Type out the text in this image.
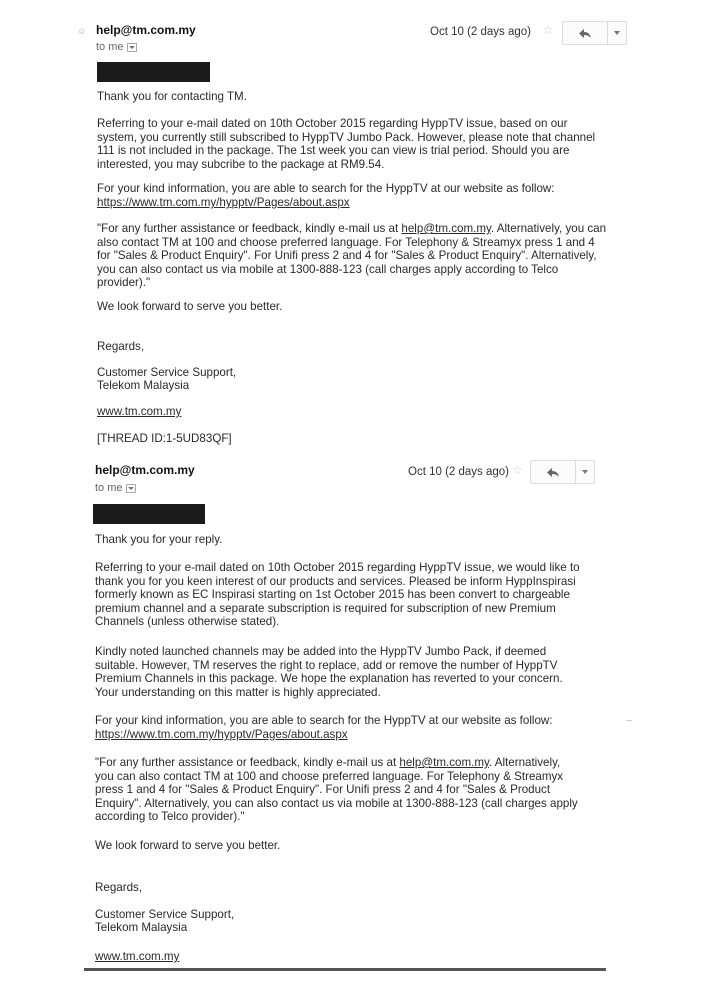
☺ help@tm.com.my
to me
Oct 10 (2 days ago) ☆

Thank you for contacting TM.

Referring to your e-mail dated on 10th October 2015 regarding HyppTV issue, based on our system, you currently still subscribed to HyppTV Jumbo Pack. However, please note that channel 111 is not included in the package. The 1st week you can view is trial period. Should you are interested, you may subcribe to the package at RM9.54.

For your kind information, you are able to search for the HyppTV at our website as follow:

https://www.tm.com.my/hypptv/Pages/about.aspx

"For any further assistance or feedback, kindly e-mail us at help@tm.com.my. Alternatively, you can also contact TM at 100 and choose preferred language. For Telephony & Streamyx press 1 and 4 for "Sales & Product Enquiry". For Unifi press 2 and 4 for "Sales & Product Enquiry". Alternatively, you can also contact us via mobile at 1300-888-123 (call charges apply according to Telco provider)."

We look forward to serve you better.

Regards,

Customer Service Support,

Telekom Malaysia

www.tm.com.my

[THREAD ID:1-5UD83QF]

help@tm.com.my
to me
Oct 10 (2 days ago) ☆

Thank you for your reply.

Referring to your e-mail dated on 10th October 2015 regarding HyppTV issue, we would like to thank you for you keen interest of our products and services. Pleased be inform HyppInspirasi formerly known as EC Inspirasi starting on 1st October 2015 has been convert to chargeable premium channel and a separate subscription is required for subscription of new Premium Channels (unless otherwise stated).

Kindly noted launched channels may be added into the HyppTV Jumbo Pack, if deemed suitable. However, TM reserves the right to replace, add or remove the number of HyppTV Premium Channels in this package. We hope the explanation has reverted to your concern. Your understanding on this matter is highly appreciated.

For your kind information, you are able to search for the HyppTV at our website as follow:

https://www.tm.com.my/hypptv/Pages/about.aspx

"For any further assistance or feedback, kindly e-mail us at help@tm.com.my. Alternatively, you can also contact TM at 100 and choose preferred language. For Telephony & Streamyx press 1 and 4 for "Sales & Product Enquiry". For Unifi press 2 and 4 for "Sales & Product Enquiry". Alternatively, you can also contact us via mobile at 1300-888-123 (call charges apply according to Telco provider)."

We look forward to serve you better.

Regards,

Customer Service Support,

Telekom Malaysia

www.tm.com.my
